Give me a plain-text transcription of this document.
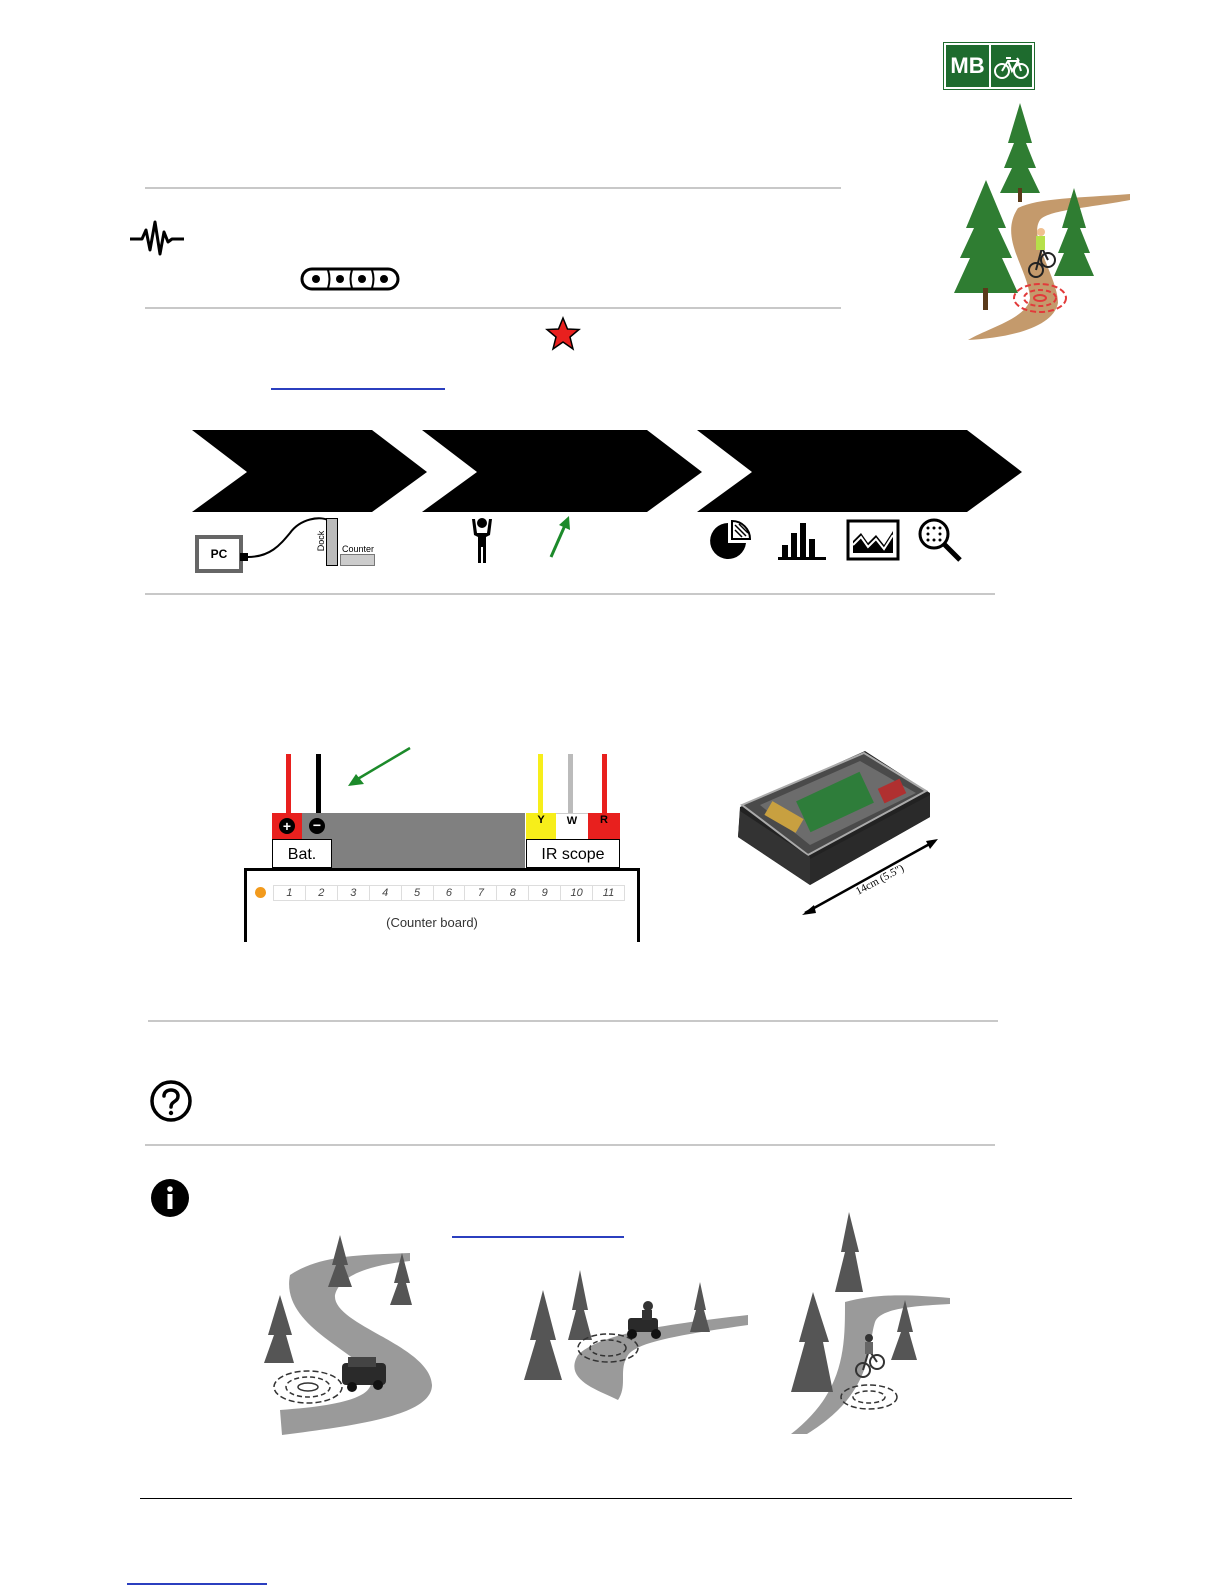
MB
PC
Dock Counter
+ −
Bat.
Y	W	R
IR scope
1	2	3	4	5	6	7	8	9	10	11
(Counter board)
14cm (5.5")
